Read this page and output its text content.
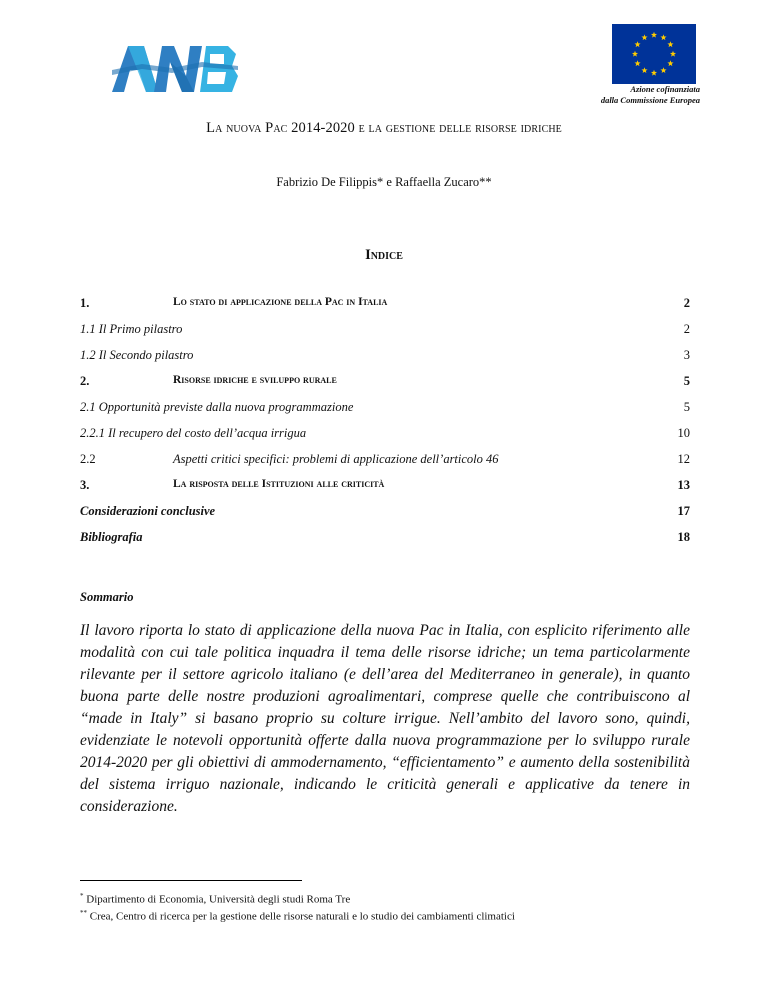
Azione cofinanziata
dalla Commissione Europea
La nuova Pac 2014-2020 e la gestione delle risorse idriche
Fabrizio De Filippis* e Raffaella Zucaro**
Indice
1.	Lo stato di applicazione della Pac in Italia	2
1.1 Il Primo pilastro	2
1.2 Il Secondo pilastro	3
2.	Risorse idriche e sviluppo rurale	5
2.1 Opportunità previste dalla nuova programmazione	5
2.2.1 Il recupero del costo dell’acqua irrigua	10
2.2	Aspetti critici specifici: problemi di applicazione dell’articolo 46	12
3.	La risposta delle Istituzioni alle criticità	13
Considerazioni conclusive	17
Bibliografia	18
Sommario
Il lavoro riporta lo stato di applicazione della nuova Pac in Italia, con esplicito riferimento alle modalità con cui tale politica inquadra il tema delle risorse idriche; un tema particolarmente rilevante per il settore agricolo italiano (e dell’area del Mediterraneo in generale), in quanto buona parte delle nostre produzioni agroalimentari, comprese quelle che contribuiscono al “made in Italy” si basano proprio su colture irrigue. Nell’ambito del lavoro sono, quindi, evidenziate le notevoli opportunità offerte dalla nuova programmazione per lo sviluppo rurale 2014-2020 per gli obiettivi di ammodernamento, “efficientamento” e aumento della sostenibilità del sistema irriguo nazionale, indicando le criticità generali e applicative da tenere in considerazione.
* Dipartimento di Economia, Università degli studi Roma Tre
** Crea, Centro di ricerca per la gestione delle risorse naturali e lo studio dei cambiamenti climatici
